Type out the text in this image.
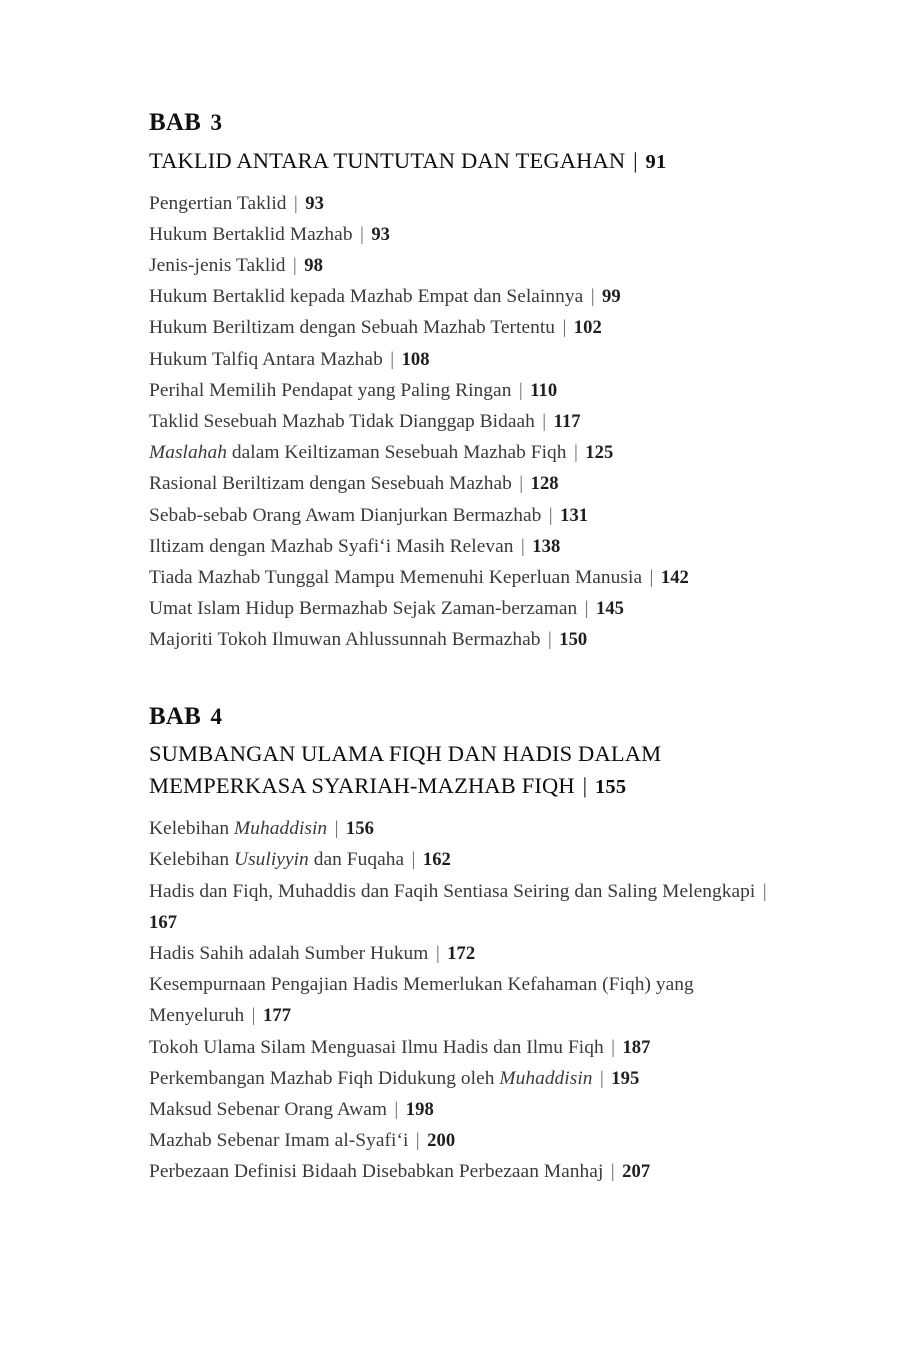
BAB 3
TAKLID ANTARA TUNTUTAN DAN TEGAHAN | 91
Pengertian Taklid | 93
Hukum Bertaklid Mazhab | 93
Jenis-jenis Taklid | 98
Hukum Bertaklid kepada Mazhab Empat dan Selainnya | 99
Hukum Beriltizam dengan Sebuah Mazhab Tertentu | 102
Hukum Talfiq Antara Mazhab | 108
Perihal Memilih Pendapat yang Paling Ringan | 110
Taklid Sesebuah Mazhab Tidak Dianggap Bidaah | 117
Maslahah dalam Keiltizaman Sesebuah Mazhab Fiqh | 125
Rasional Beriltizam dengan Sesebuah Mazhab | 128
Sebab-sebab Orang Awam Dianjurkan Bermazhab | 131
Iltizam dengan Mazhab Syafi‘i Masih Relevan | 138
Tiada Mazhab Tunggal Mampu Memenuhi Keperluan Manusia | 142
Umat Islam Hidup Bermazhab Sejak Zaman-berzaman | 145
Majoriti Tokoh Ilmuwan Ahlussunnah Bermazhab | 150
BAB 4
SUMBANGAN ULAMA FIQH DAN HADIS DALAM MEMPERKASA SYARIAH-MAZHAB FIQH | 155
Kelebihan Muhaddisin | 156
Kelebihan Usuliyyin dan Fuqaha | 162
Hadis dan Fiqh, Muhaddis dan Faqih Sentiasa Seiring dan Saling Melengkapi | 167
Hadis Sahih adalah Sumber Hukum | 172
Kesempurnaan Pengajian Hadis Memerlukan Kefahaman (Fiqh) yang Menyeluruh | 177
Tokoh Ulama Silam Menguasai Ilmu Hadis dan Ilmu Fiqh | 187
Perkembangan Mazhab Fiqh Didukung oleh Muhaddisin | 195
Maksud Sebenar Orang Awam | 198
Mazhab Sebenar Imam al-Syafi‘i | 200
Perbezaan Definisi Bidaah Disebabkan Perbezaan Manhaj | 207
